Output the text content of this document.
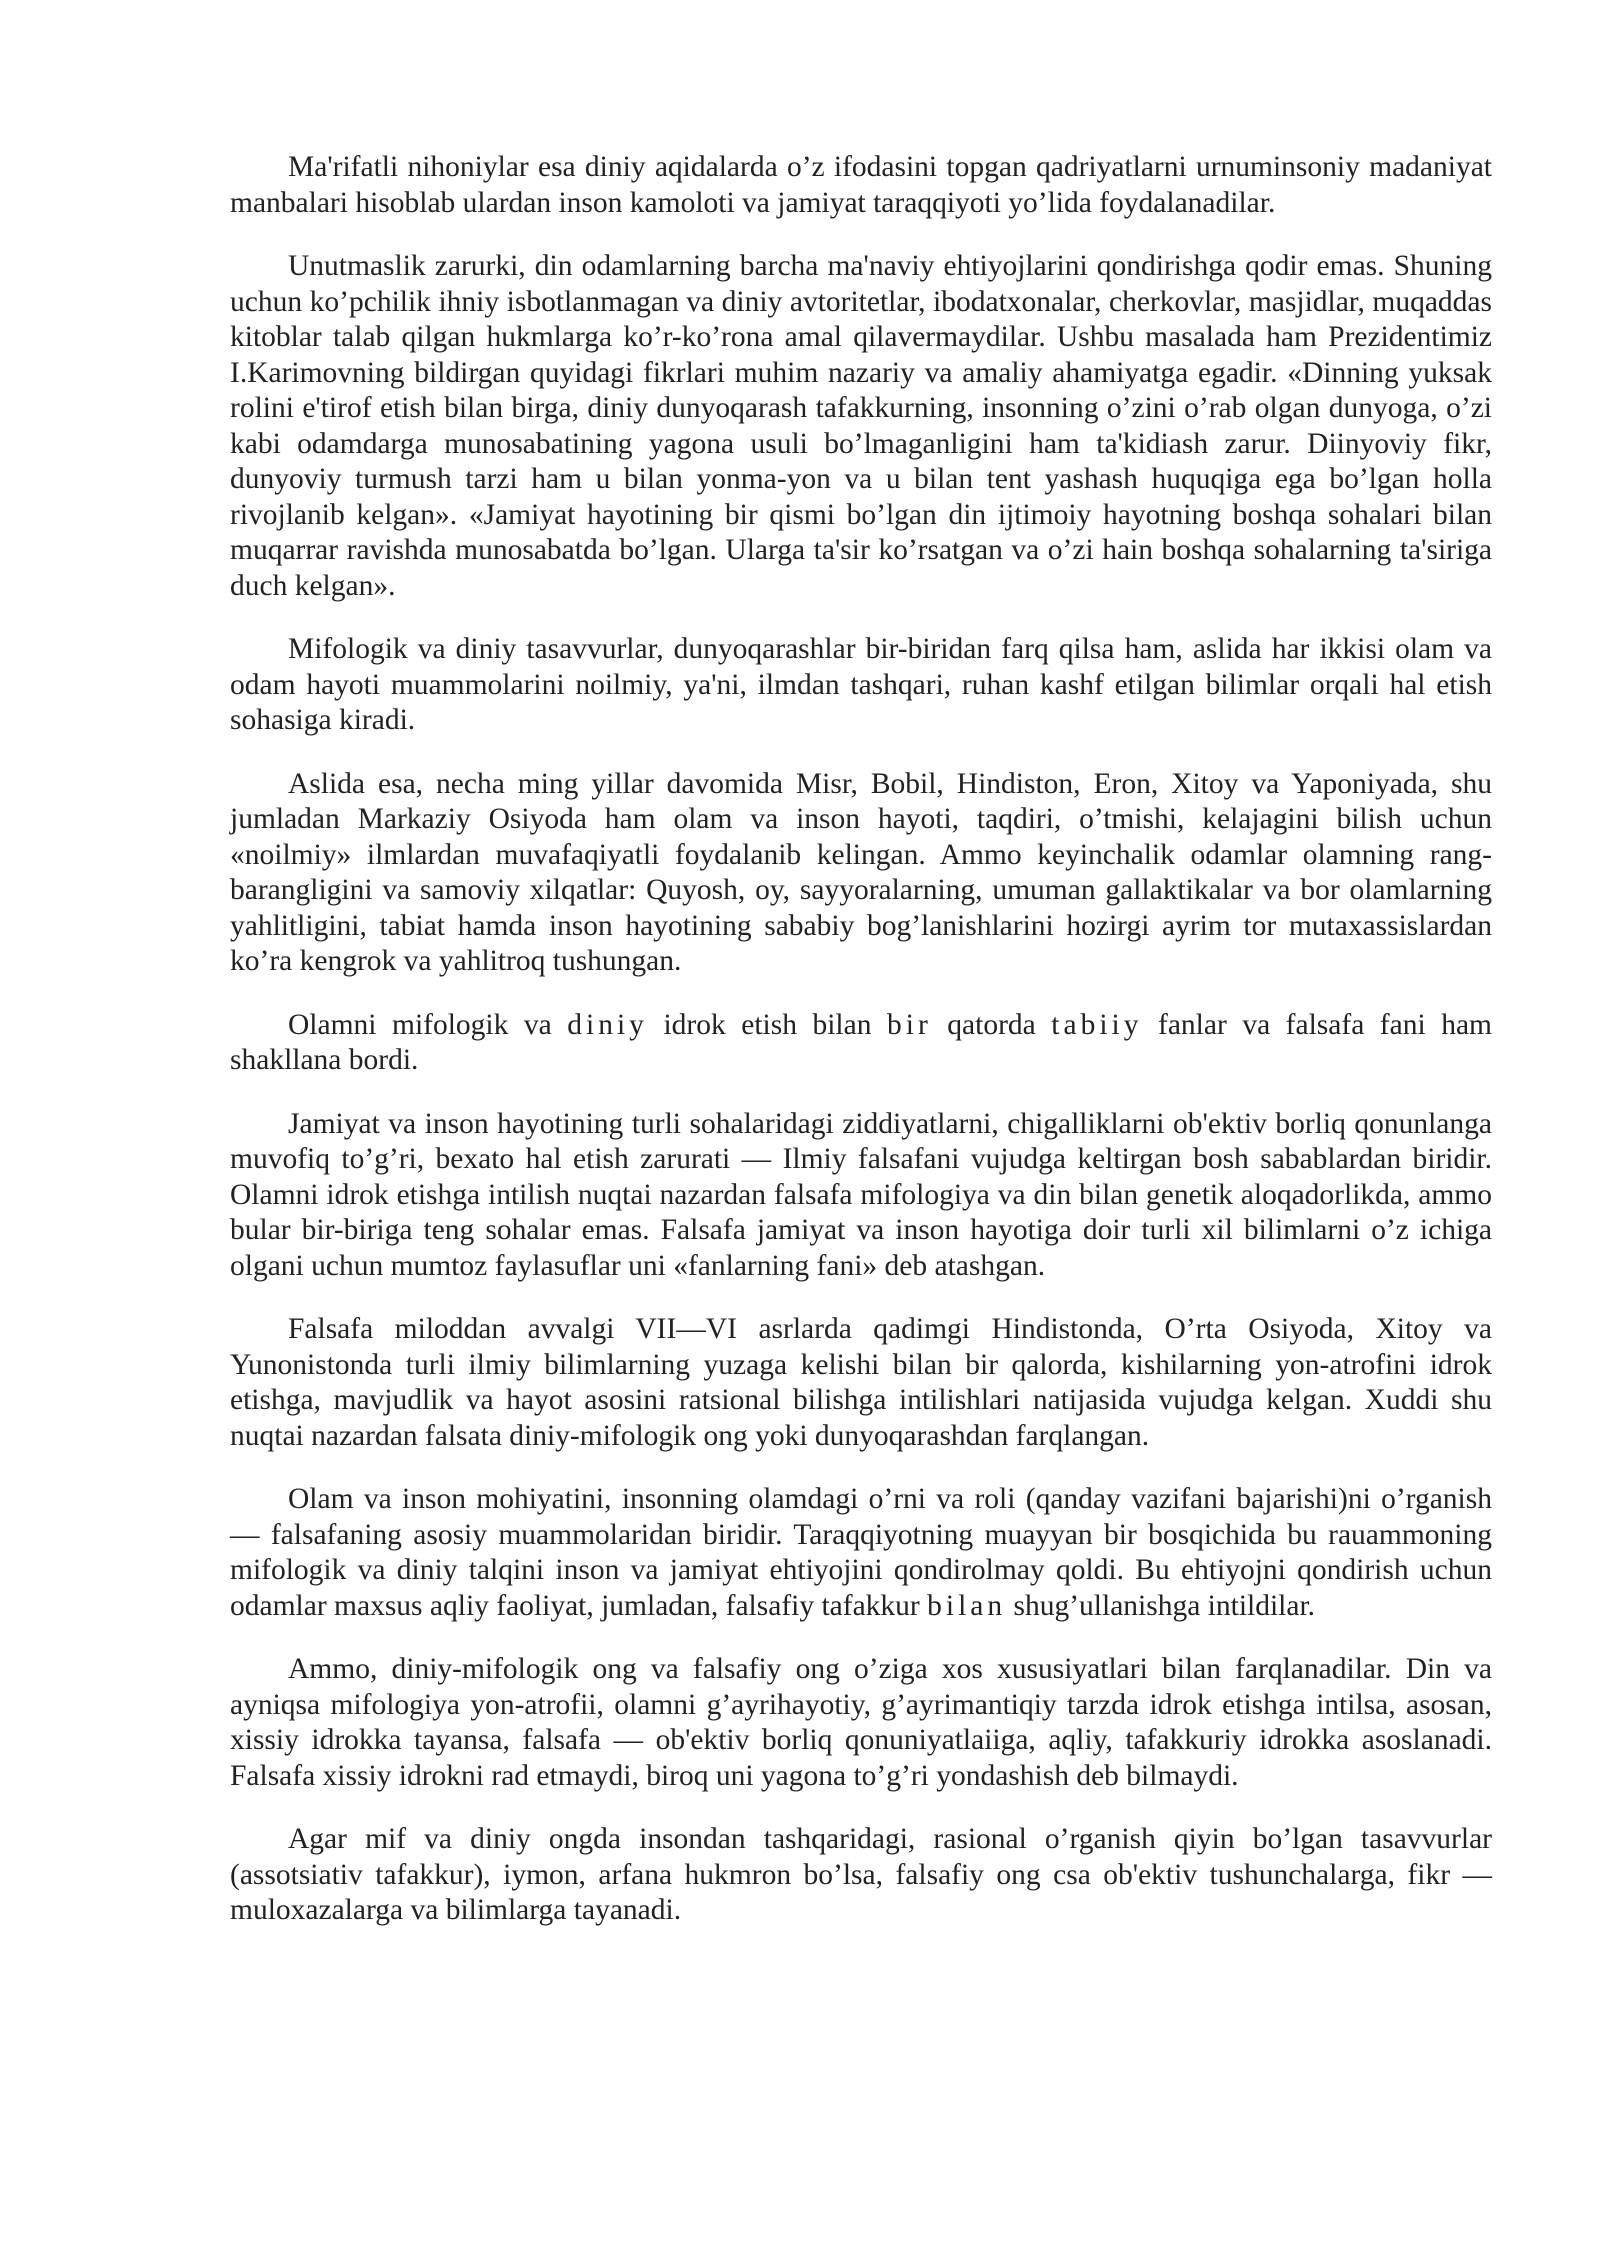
Ma'rifatli nihoniylar esa diniy aqidalarda o’z ifodasini topgan qadriyatlarni urnuminsoniy madaniyat manbalari hisoblab ulardan inson kamoloti va jamiyat taraqqiyoti yo’lida foydalanadilar.

Unutmaslik zarurki, din odamlarning barcha ma'naviy ehtiyojlarini qondirishga qodir emas. Shuning uchun ko’pchilik ihniy isbotlanmagan va diniy avtoritetlar, ibodatxonalar, cherkovlar, masjidlar, muqaddas kitoblar talab qilgan hukmlarga ko’r-ko’rona amal qilavermaydilar. Ushbu masalada ham Prezidentimiz I.Karimovning bildirgan quyidagi fikrlari muhim nazariy va amaliy ahamiyatga egadir. «Dinning yuksak rolini e'tirof etish bilan birga, diniy dunyoqarash tafakkurning, insonning o’zini o’rab olgan dunyoga, o’zi kabi odamdarga munosabatining yagona usuli bo’lmaganligini ham ta'kidiash zarur. Diinyoviy fikr, dunyoviy turmush tarzi ham u bilan yonma-yon va u bilan tent yashash huquqiga ega bo’lgan holla rivojlanib kelgan». «Jamiyat hayotining bir qismi bo’lgan din ijtimoiy hayotning boshqa sohalari bilan muqarrar ravishda munosabatda bo’lgan. Ularga ta'sir ko’rsatgan va o’zi hain boshqa sohalarning ta'siriga duch kelgan».

Mifologik va diniy tasavvurlar, dunyoqarashlar bir-biridan farq qilsa ham, aslida har ikkisi olam va odam hayoti muammolarini noilmiy, ya'ni, ilmdan tashqari, ruhan kashf etilgan bilimlar orqali hal etish sohasiga kiradi.

Aslida esa, necha ming yillar davomida Misr, Bobil, Hindiston, Eron, Xitoy va Yaponiyada, shu jumladan Markaziy Osiyoda ham olam va inson hayoti, taqdiri, o’tmishi, kelajagini bilish uchun «noilmiy» ilmlardan muvafaqiyatli foydalanib kelingan. Ammo keyinchalik odamlar olamning rang-barangligini va samoviy xilqatlar: Quyosh, oy, sayyoralarning, umuman gallaktikalar va bor olamlarning yahlitligini, tabiat hamda inson hayotining sababiy bog’lanishlarini hozirgi ayrim tor mutaxassislardan ko’ra kengrok va yahlitroq tushungan.

Olamni mifologik va diniy idrok etish bilan bir qatorda tabiiy fanlar va falsafa fani ham shakllana bordi.

Jamiyat va inson hayotining turli sohalaridagi ziddiyatlarni, chigalliklarni ob'ektiv borliq qonunlanga muvofiq to’g’ri, bexato hal etish zarurati — Ilmiy falsafani vujudga keltirgan bosh sabablardan biridir. Olamni idrok etishga intilish nuqtai nazardan falsafa mifologiya va din bilan genetik aloqadorlikda, ammo bular bir-biriga teng sohalar emas. Falsafa jamiyat va inson hayotiga doir turli xil bilimlarni o’z ichiga olgani uchun mumtoz faylasuflar uni «fanlarning fani» deb atashgan.

Falsafa miloddan avvalgi VII—VI asrlarda qadimgi Hindistonda, O’rta Osiyoda, Xitoy va Yunonistonda turli ilmiy bilimlarning yuzaga kelishi bilan bir qalorda, kishilarning yon-atrofini idrok etishga, mavjudlik va hayot asosini ratsional bilishga intilishlari natijasida vujudga kelgan. Xuddi shu nuqtai nazardan falsata diniy-mifologik ong yoki dunyoqarashdan farqlangan.

Olam va inson mohiyatini, insonning olamdagi o’rni va roli (qanday vazifani bajarishi)ni o’rganish — falsafaning asosiy muammolaridan biridir. Taraqqiyotning muayyan bir bosqichida bu rauammoning mifologik va diniy talqini inson va jamiyat ehtiyojini qondirolmay qoldi. Bu ehtiyojni qondirish uchun odamlar maxsus aqliy faoliyat, jumladan, falsafiy tafakkur bilan shug’ullanishga intildilar.

Ammo, diniy-mifologik ong va falsafiy ong o’ziga xos xususiyatlari bilan farqlanadilar. Din va ayniqsa mifologiya yon-atrofii, olamni g’ayrihayotiy, g’ayrimantiqiy tarzda idrok etishga intilsa, asosan, xissiy idrokka tayansa, falsafa — ob'ektiv borliq qonuniyatlaiiga, aqliy, tafakkuriy idrokka asoslanadi. Falsafa xissiy idrokni rad etmaydi, biroq uni yagona to’g’ri yondashish deb bilmaydi.

Agar mif va diniy ongda insondan tashqaridagi, rasional o’rganish qiyin bo’lgan tasavvurlar (assotsiativ tafakkur), iymon, arfana hukmron bo’lsa, falsafiy ong csa ob'ektiv tushunchalarga, fikr — muloxazalarga va bilimlarga tayanadi.
